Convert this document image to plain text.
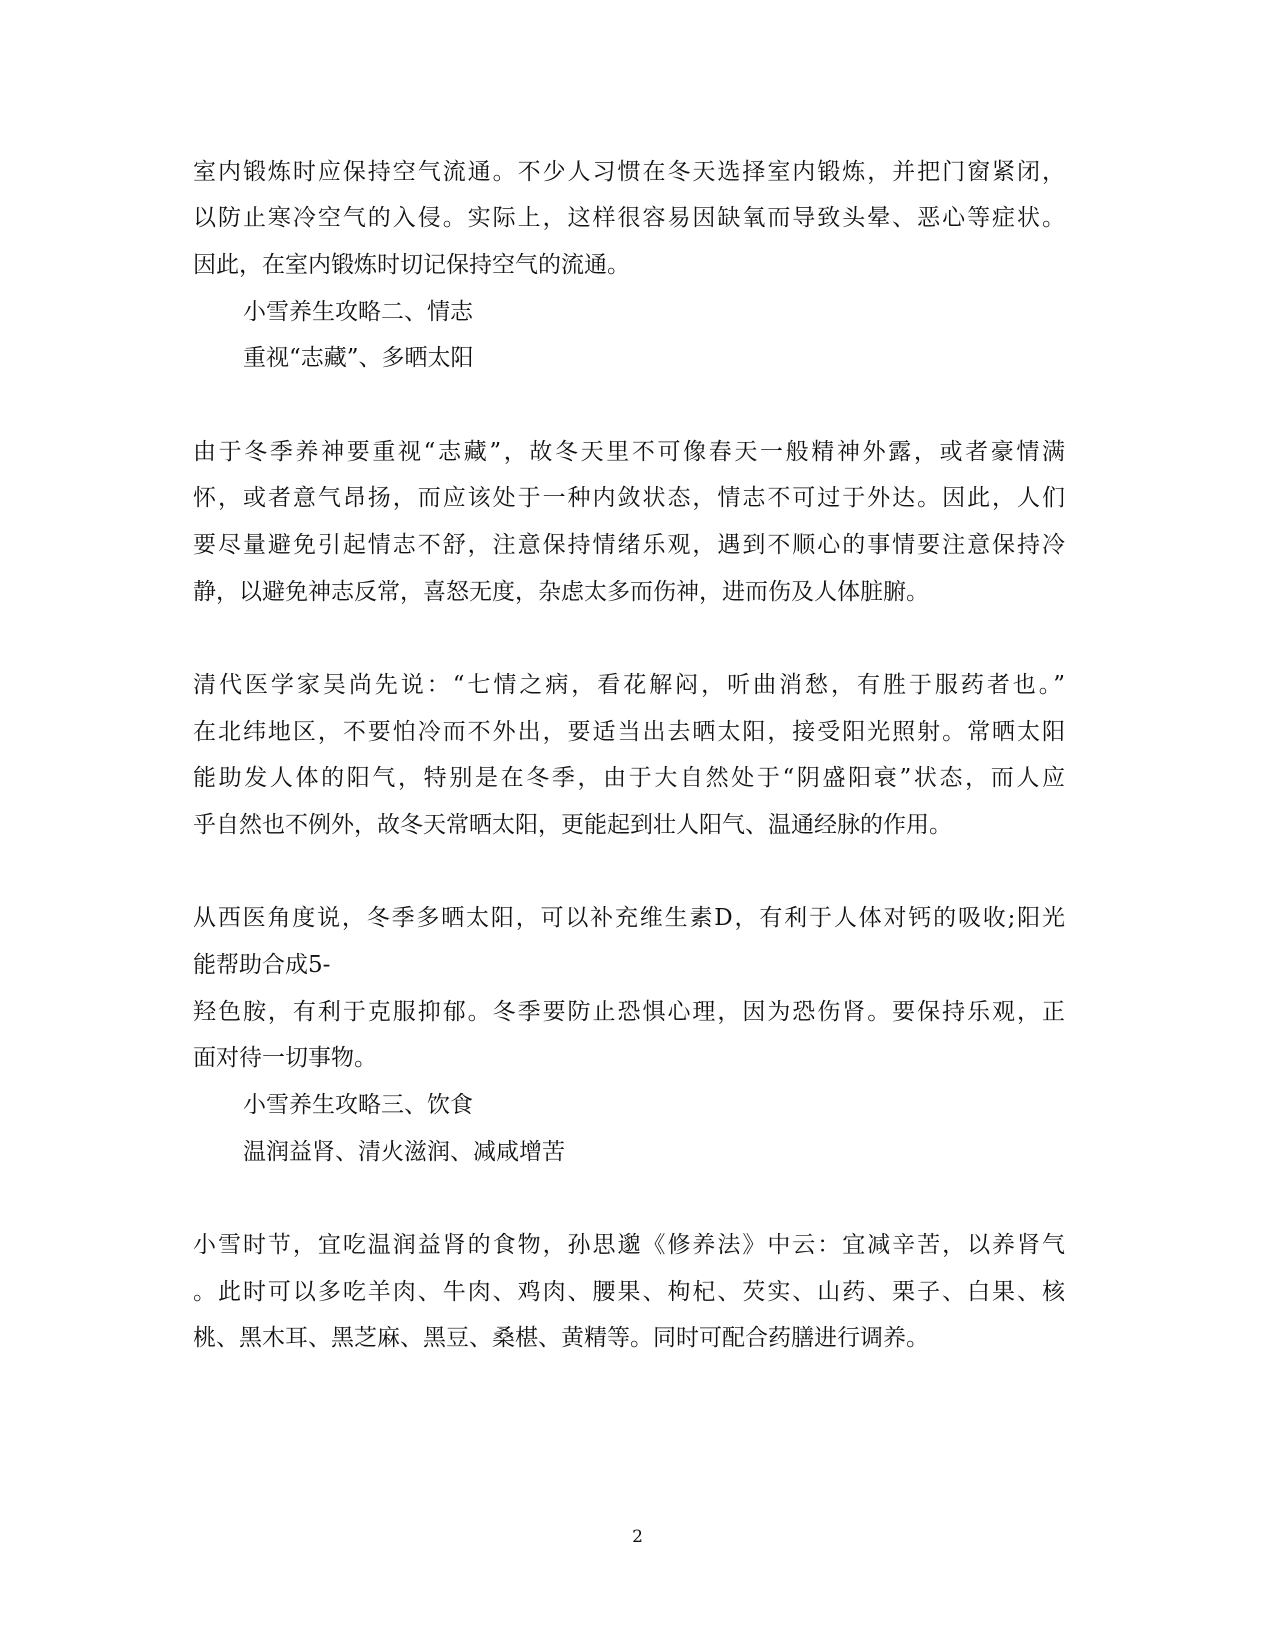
室内锻炼时应保持空气流通。不少人习惯在冬天选择室内锻炼，并把门窗紧闭，
以防止寒冷空气的入侵。实际上，这样很容易因缺氧而导致头晕、恶心等症状。
因此，在室内锻炼时切记保持空气的流通。
小雪养生攻略二、情志
重视“志藏”、多晒太阳
由于冬季养神要重视“志藏”，故冬天里不可像春天一般精神外露，或者豪情满
怀，或者意气昂扬，而应该处于一种内敛状态，情志不可过于外达。因此，人们
要尽量避免引起情志不舒，注意保持情绪乐观，遇到不顺心的事情要注意保持冷
静，以避免神志反常，喜怒无度，杂虑太多而伤神，进而伤及人体脏腑。
清代医学家吴尚先说：“七情之病，看花解闷，听曲消愁，有胜于服药者也。”
在北纬地区，不要怕冷而不外出，要适当出去晒太阳，接受阳光照射。常晒太阳
能助发人体的阳气，特别是在冬季，由于大自然处于“阴盛阳衰”状态，而人应
乎自然也不例外，故冬天常晒太阳，更能起到壮人阳气、温通经脉的作用。
从西医角度说，冬季多晒太阳，可以补充维生素D，有利于人体对钙的吸收;阳光
能帮助合成5-
羟色胺，有利于克服抑郁。冬季要防止恐惧心理，因为恐伤肾。要保持乐观，正
面对待一切事物。
小雪养生攻略三、饮食
温润益肾、清火滋润、减咸增苦
小雪时节，宜吃温润益肾的食物，孙思邈《修养法》中云：宜减辛苦，以养肾气
。此时可以多吃羊肉、牛肉、鸡肉、腰果、枸杞、芡实、山药、栗子、白果、核
桃、黑木耳、黑芝麻、黑豆、桑椹、黄精等。同时可配合药膳进行调养。
2
